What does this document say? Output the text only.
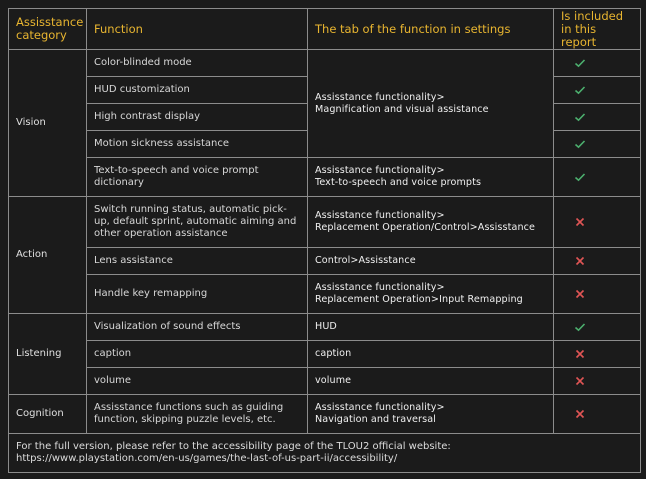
Assisstance category	Function	The tab of the function in settings	Is included in this report
Vision	Color-blinded mode	Assisstance functionality>
Magnification and visual assistance	
	HUD customization	
	High contrast display	
	Motion sickness assistance	
	Text-to-speech and voice prompt dictionary	Assisstance functionality>
Text-to-speech and voice prompts	
Action	Switch running status, automatic pick-up, default sprint, automatic aiming and other operation assistance	Assisstance functionality>
Replacement Operation/Control>Assisstance	
	Lens assistance	Control>Assisstance	
	Handle key remapping	Assisstance functionality>
Replacement Operation>Input Remapping	
Listening	Visualization of sound effects	HUD	
	caption	caption	
	volume	volume	
Cognition	Assisstance functions such as guiding function, skipping puzzle levels, etc.	Assisstance functionality>
Navigation and traversal	
For the full version, please refer to the accessibility page of the TLOU2 official website:
https://www.playstation.com/en-us/games/the-last-of-us-part-ii/accessibility/			
